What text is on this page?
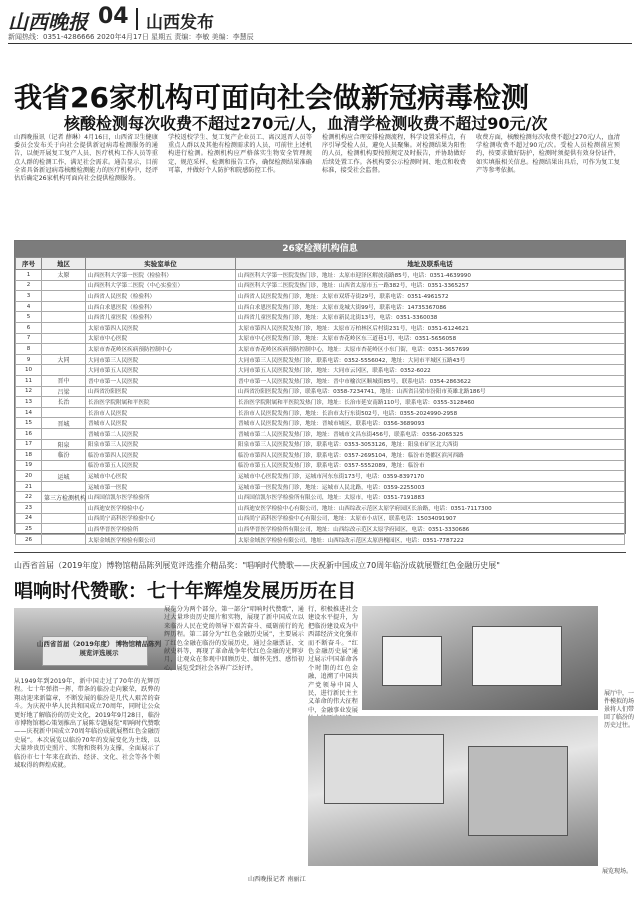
山西晚报 04 山西发布
新闻热线：0351-4286666 2020年4月17日 星期五 责编：李敏 美编：李慧辰
我省26家机构可面向社会做新冠病毒检测
核酸检测每次收费不超过270元/人，血清学检测收费不超过90元/次
山西晚报讯（记者 薛琳）4月16日，山西省卫生健康委员会发布关于向社会提供新冠病毒检测服务的通告，以便开展复工复产人员、医疗机构工作人员等重点人群的检测工作，满足社会需求。通告显示，目前全省具备新冠病毒核酸检测能力的医疗机构中，经评估后确定26家机构可面向社会提供检测服务。
学校返校学生、复工复产企业员工、离汉返晋人员等重点人群以及其他有检测需求的人员，可前往上述机构进行检测。检测机构应严格落实生物安全管理规定，规范采样、检测和报告工作，确保检测结果准确可靠，并做好个人防护和院感防控工作。
检测机构应合理安排检测流程，科学设置采样点，有序引导受检人员，避免人员聚集。对检测结果为阳性的人员，检测机构要按照规定及时报告，并协助做好后续处置工作。各机构要公示检测时间、地点和收费标准，接受社会监督。
收费方面，核酸检测每次收费不超过270元/人，血清学检测收费不超过90元/次。受检人员检测前应预约，按要求做好防护，检测时须提供有效身份证件，如实填报相关信息。检测结果出具后，可作为复工复产等参考依据。
26家检测机构信息
序号	地区	实验室单位	地址及联系电话
1	太原	山西医科大学第一医院（检验科）	山西医科大学第一医院发热门诊，地址：太原市迎泽区解放南路85号，电话：0351-4639990
2		山西医科大学第二医院（中心实验室）	山西医科大学第二医院发热门诊，地址：山西省太原市五一路382号，电话：0351-3365257
3		山西省人民医院（检验科）	山西省人民医院发热门诊，地址：太原市双塔寺街29号，联系电话：0351-4961572
4		山西白求恩医院（检验科）	山西白求恩医院发热门诊，地址：太原市龙城大街99号，联系电话：14735367086
5		山西省儿童医院（检验科）	山西省儿童医院发热门诊，地址：太原市新民北街13号，电话：0351-3360038
6		太原市第四人民医院	太原市第四人民医院发热门诊，地址：太原市万柏林区后村街231号，电话：0351-6124621
7		太原市中心医院	太原市中心医院发热门诊，地址：太原市杏花岭区东三道巷1号，电话：0351-5656058
8		太原市杏花岭区疾病预防控制中心	太原市杏花岭区疾病预防控制中心，地址：太原市杏花岭区小东门街，电话：0351-3657699
9	大同	大同市第三人民医院	大同市第三人民医院发热门诊，联系电话：0352-5556042，地址：大同市平城区五路43号
10		大同市第五人民医院	大同市第五人民医院发热门诊，地址：大同市云冈区，联系电话：0352-6022
11	晋中	晋中市第一人民医院	晋中市第一人民医院发热门诊，地址：晋中市榆次区顺城街85号，联系电话：0354-2863622
12	吕梁	山西省汾阳医院	山西省汾阳医院发热门诊，联系电话：0358-7234741，地址：山西省吕梁市汾阳市英雄北路186号
13	长治	长治医学院附属和平医院	长治医学院附属和平医院发热门诊，地址：长治市延安南路110号，联系电话：0355-3128460
14		长治市人民医院	长治市人民医院发热门诊，地址：长治市太行东街502号，电话：0355-2024990-2958
15	晋城	晋城市人民医院	晋城市人民医院发热门诊，地址：晋城市城区，联系电话：0356-3689093
16		晋城市第二人民医院	晋城市第二人民医院发热门诊，地址：晋城市文昌东街456号，联系电话：0356-2065325
17	阳泉	阳泉市第三人民医院	阳泉市第三人民医院发热门诊，联系电话：0353-3053126，地址：阳泉市矿区北大西街
18	临汾	临汾市第四人民医院	临汾市第四人民医院发热门诊，联系电话：0357-2695104，地址：临汾市尧都区滨河西路
19		临汾市第五人民医院	临汾市第五人民医院发热门诊，联系电话：0357-5552089，地址：临汾市
20	运城	运城市中心医院	运城市中心医院发热门诊，运城市河东东街173号，电话：0359-8397170
21		运城市第一医院	运城市第一医院发热门诊，地址：运城市人民北路，电话：0359-2255003
22	第三方检测机构	山西国信凯尔医学检验所	山西国信凯尔医学检验所有限公司，地址：太原市，电话：0351-7191883
23		山西迪安医学检验中心	山西迪安医学检验中心有限公司，地址：山西综改示范区太原学府园区长治路，电话：0351-7117300
24		山西尚宁高科医学检验中心	山西尚宁高科医学检验中心有限公司，地址：太原市小店区，联系电话：15034091907
25		山西华晋医学检验所	山西华晋医学检验所有限公司，地址：山西综改示范区太原学府园区，电话：0351-3330686
26		太原金域医学检验有限公司	太原金域医学检验有限公司，地址：山西综改示范区太原唐槐园区，电话：0351-7787222
山西省首届（2019年度）博物馆精品陈列展览评选推介精品奖："唱响时代赞歌——庆祝新中国成立70周年临汾成就展暨红色金融历史展"
唱响时代赞歌：七十年辉煌发展历历在目
山西省首届（2019年度） 博物馆精品陈列展览评选展示
从1949年到2019年，新中国走过了70年的光辉历程。七十年弹指一挥，带条的临汾走向繁荣，跃弊的翔动迎来新篇章，不断发展的临汾是几代人艰苦的奋斗。为庆祝中华人民共和国成立70周年，同时让公众更好地了解临汾的历史文化，2019年9月28日，临汾市博物馆精心策划推出了展陈专题展览“唱响时代赞歌——庆祝新中国成立70周年临汾成就展暨红色金融历史展”。本次展览以临汾70年的发展变化为主线，以大量珍贵历史照片、实物和资料为支撑，全面展示了临汾市七十年来在政治、经济、文化、社会等各个领域取得的辉煌成就。
展览分为两个部分，第一部分“唱响时代赞歌”，通过大量珍贵历史图片和实物，展现了新中国成立以来临汾人民在党的领导下艰苦奋斗、砥砺前行的光辉历程。第二部分为“红色金融历史展”，主要展示了红色金融在临汾的发展历史，通过金融票证、文献史料等，再现了革命战争年代红色金融的光辉岁月，让观众在参观中回顾历史、缅怀先烈、感悟初心。展览受到社会各界广泛好评。
行，积极推进社会建设水平提升，为把临汾建设成为中西部经济文化强市而不断奋斗。“红色金融历史展”通过展示中国革命各个时期的红色金融，追溯了中国共产党领导中国人民，进行新民主主义革命的伟大征程中，金融事业发展
展厅中，一件模拟的场景将人们带回了临汾的历史过往。
展览现场。
山西晚报记者 南丽江
